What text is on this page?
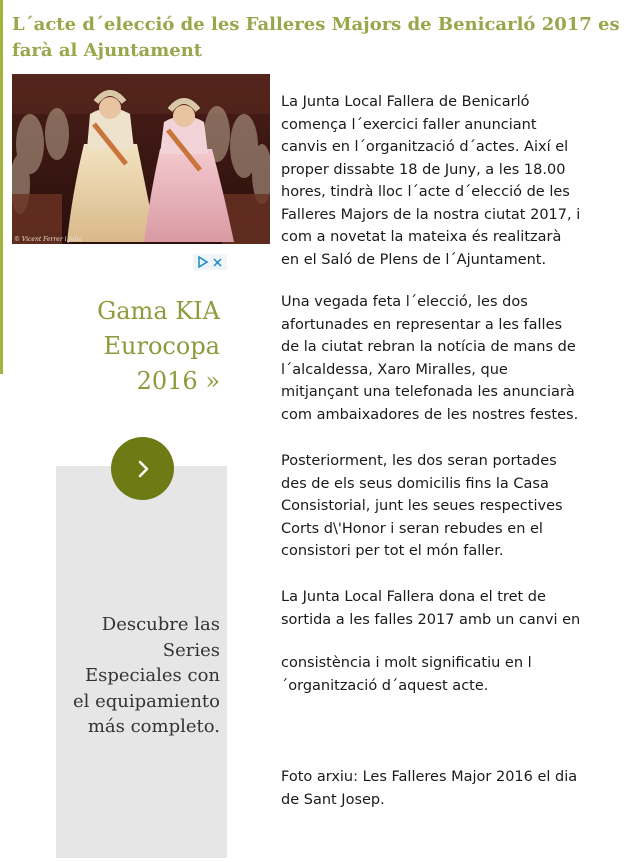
L´acte d´elecció de les Falleres Majors de Benicarló 2017 es farà al Ajuntament
© Vicent Ferrer i Julià
Gama KIA
Eurocopa
2016 »
Descubre las
Series
Especiales con
el equipamiento
más completo.

La Junta Local Fallera de Benicarló
comença l´exercici faller anunciant
canvis en l´organització d´actes. Així el
proper dissabte 18 de Juny, a les 18.00
hores, tindrà lloc l´acte d´elecció de les
Falleres Majors de la nostra ciutat 2017, i
com a novetat la mateixa és realitzarà
en el Saló de Plens de l´Ajuntament.

Una vegada feta l´elecció, les dos
afortunades en representar a les falles
de la ciutat rebran la notícia de mans de
l´alcaldessa, Xaro Miralles, que
mitjançant una telefonada les anunciarà
com ambaixadores de les nostres festes.

Posteriorment, les dos seran portades
des de els seus domicilis fins la Casa
Consistorial, junt les seues respectives
Corts d\'Honor i seran rebudes en el
consistori per tot el món faller.

La Junta Local Fallera dona el tret de
sortida a les falles 2017 amb un canvi en

consistència i molt significatiu en l
´organització d´aquest acte.

Foto arxiu: Les Falleres Major 2016 el dia
de Sant Josep.
